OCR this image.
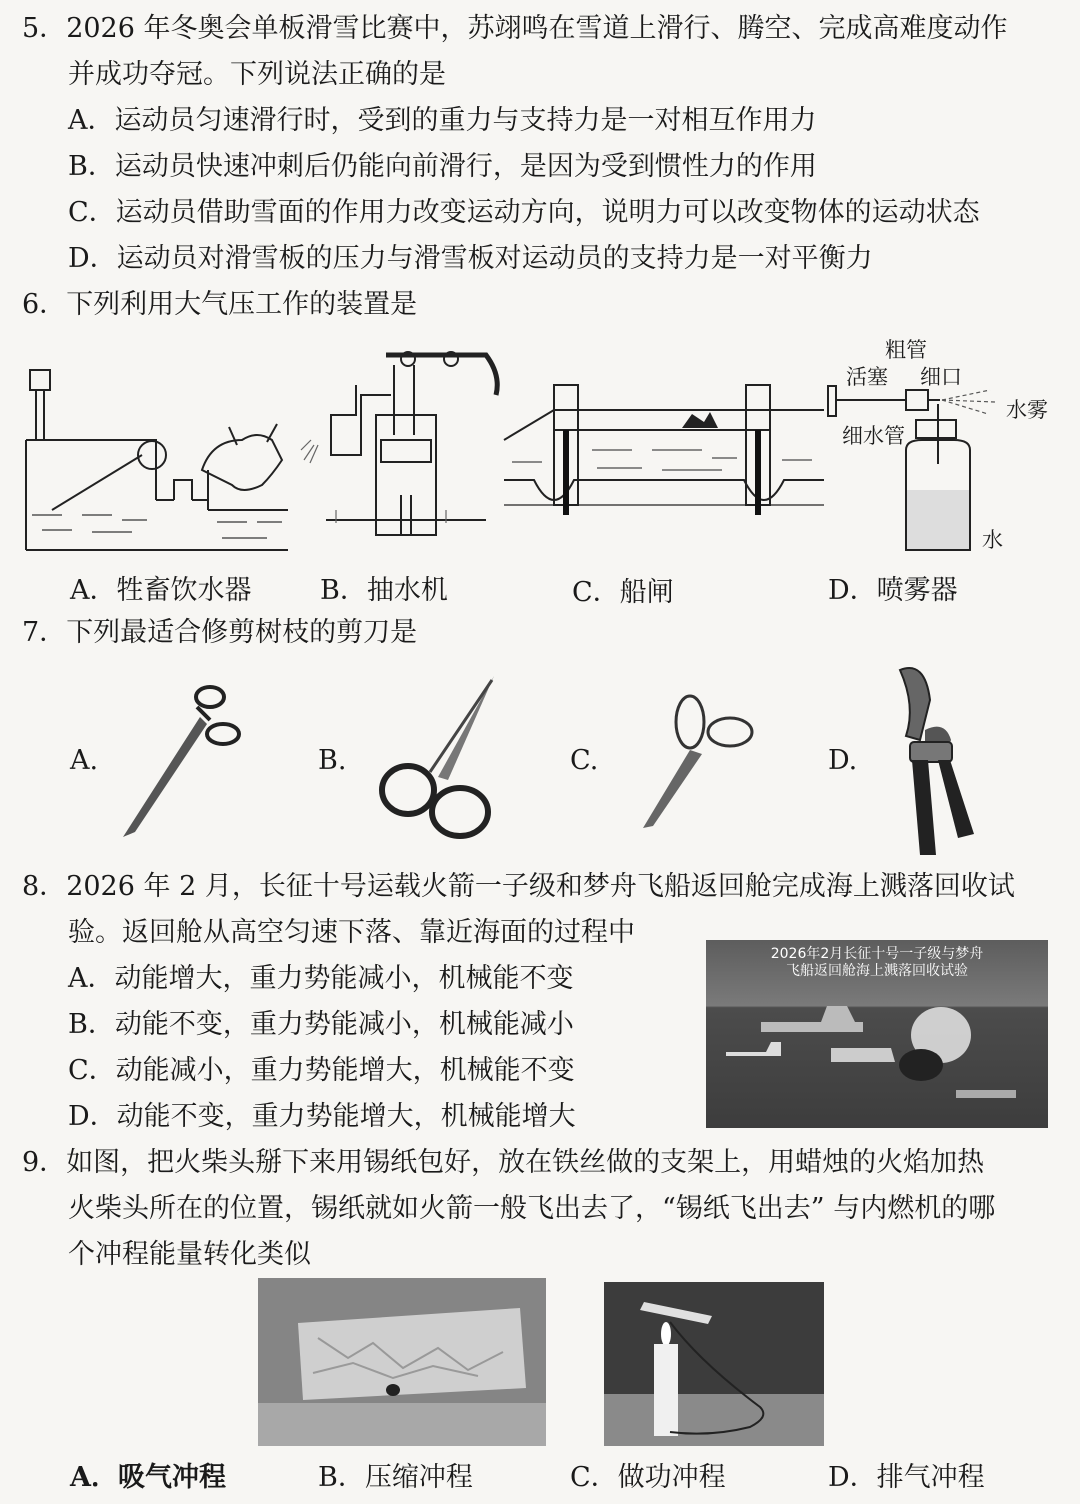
5．2026 年冬奥会单板滑雪比赛中，苏翊鸣在雪道上滑行、腾空、完成高难度动作
并成功夺冠。下列说法正确的是
A．运动员匀速滑行时，受到的重力与支持力是一对相互作用力
B．运动员快速冲刺后仍能向前滑行，是因为受到惯性力的作用
C．运动员借助雪面的作用力改变运动方向，说明力可以改变物体的运动状态
D．运动员对滑雪板的压力与滑雪板对运动员的支持力是一对平衡力
6．下列利用大气压工作的装置是
粗管
活塞 细口
水雾
细水管
水
A．牲畜饮水器	B．抽水机	C．船闸	D．喷雾器
7．下列最适合修剪树枝的剪刀是
A.	B.	C.	D.
8．2026 年 2 月，长征十号运载火箭一子级和梦舟飞船返回舱完成海上溅落回收试
验。返回舱从高空匀速下落、靠近海面的过程中
A．动能增大，重力势能减小，机械能不变
B．动能不变，重力势能减小，机械能减小
C．动能减小，重力势能增大，机械能不变
D．动能不变，重力势能增大，机械能增大
2026年2月长征十号一子级与梦舟
飞船返回舱海上溅落回收试验
9．如图，把火柴头掰下来用锡纸包好，放在铁丝做的支架上，用蜡烛的火焰加热
火柴头所在的位置，锡纸就如火箭一般飞出去了，“锡纸飞出去” 与内燃机的哪
个冲程能量转化类似
A．吸气冲程	B．压缩冲程	C．做功冲程	D．排气冲程
